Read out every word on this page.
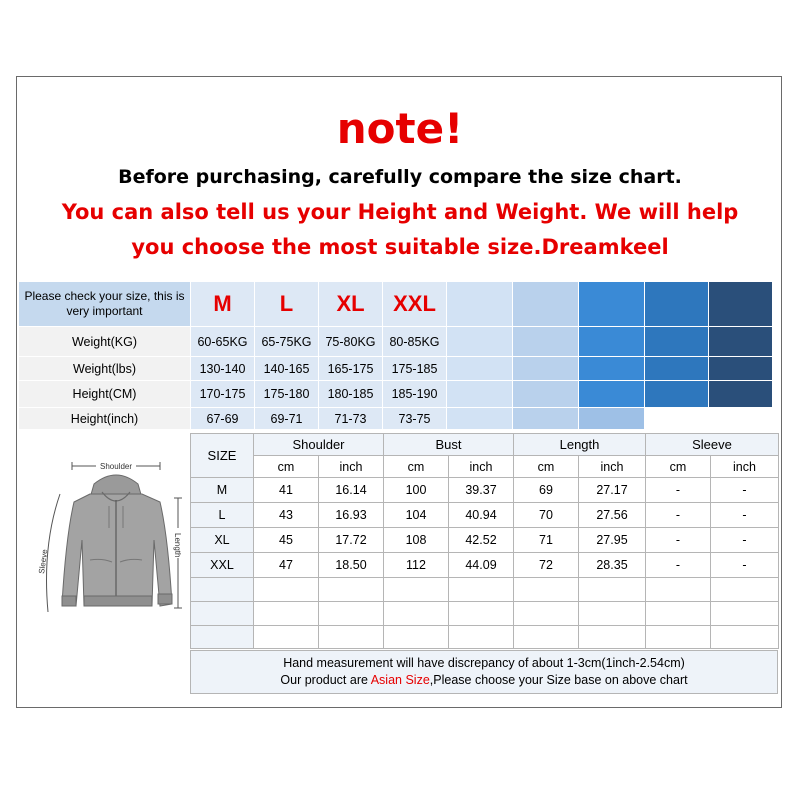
note!
Before purchasing, carefully compare the size chart.
You can also tell us your Height and Weight. We will help
you choose the most suitable size.Dreamkeel
Please check your size, this is very important	M	L	XL	XXL					
Weight(KG)	60-65KG	65-75KG	75-80KG	80-85KG					
Weight(lbs)	130-140	140-165	165-175	175-185					
Height(CM)	170-175	175-180	180-185	185-190					
Height(inch)	67-69	69-71	71-73	73-75					
Shoulder
Length
Sleeve
SIZE	Shoulder		Bust		Length		Sleeve	
	cm	inch	cm	inch	cm	inch	cm	inch
M	41	16.14	100	39.37	69	27.17	-	-
L	43	16.93	104	40.94	70	27.56	-	-
XL	45	17.72	108	42.52	71	27.95	-	-
XXL	47	18.50	112	44.09	72	28.35	-	-

Hand measurement will have discrepancy of about 1-3cm(1inch-2.54cm)
Our product are Asian Size,Please choose your Size base on above chart
